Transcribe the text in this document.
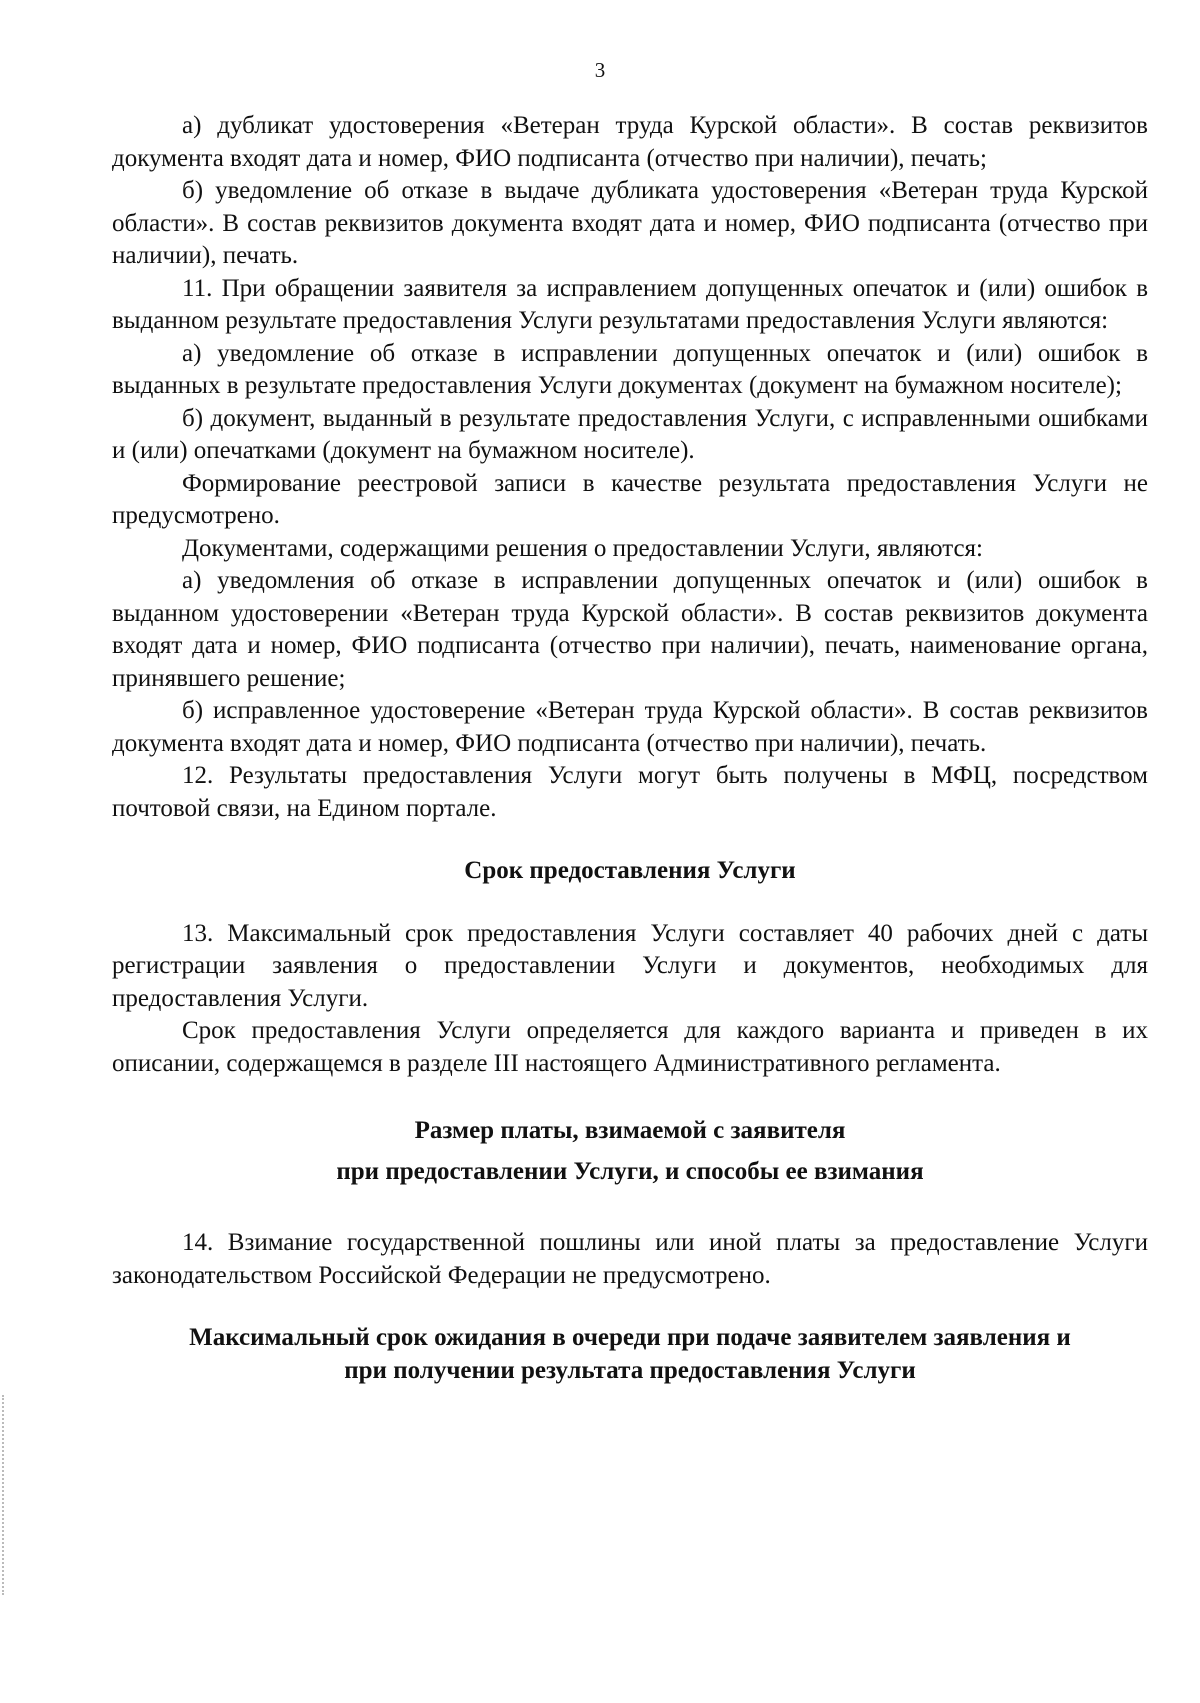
3

а) дубликат удостоверения «Ветеран труда Курской области». В состав реквизитов документа входят дата и номер, ФИО подписанта (отчество при наличии), печать;

б) уведомление об отказе в выдаче дубликата удостоверения «Ветеран труда Курской области». В состав реквизитов документа входят дата и номер, ФИО подписанта (отчество при наличии), печать.

11. При обращении заявителя за исправлением допущенных опечаток и (или) ошибок в выданном результате предоставления Услуги результатами предоставления Услуги являются:

а) уведомление об отказе в исправлении допущенных опечаток и (или) ошибок в выданных в результате предоставления Услуги документах (документ на бумажном носителе);

б) документ, выданный в результате предоставления Услуги, с исправленными ошибками и (или) опечатками (документ на бумажном носителе).

Формирование реестровой записи в качестве результата предоставления Услуги не предусмотрено.

Документами, содержащими решения о предоставлении Услуги, являются:

а) уведомления об отказе в исправлении допущенных опечаток и (или) ошибок в выданном удостоверении «Ветеран труда Курской области». В состав реквизитов документа входят дата и номер, ФИО подписанта (отчество при наличии), печать, наименование органа, принявшего решение;

б) исправленное удостоверение «Ветеран труда Курской области». В состав реквизитов документа входят дата и номер, ФИО подписанта (отчество при наличии), печать.

12. Результаты предоставления Услуги могут быть получены в МФЦ, посредством почтовой связи, на Едином портале.

Срок предоставления Услуги

13. Максимальный срок предоставления Услуги составляет 40 рабочих дней с даты регистрации заявления о предоставлении Услуги и документов, необходимых для предоставления Услуги.

Срок предоставления Услуги определяется для каждого варианта и приведен в их описании, содержащемся в разделе III настоящего Административного регламента.

Размер платы, взимаемой с заявителя

при предоставлении Услуги, и способы ее взимания

14. Взимание государственной пошлины или иной платы за предоставление Услуги законодательством Российской Федерации не предусмотрено.

Максимальный срок ожидания в очереди при подаче заявителем заявления и

при получении результата предоставления Услуги
